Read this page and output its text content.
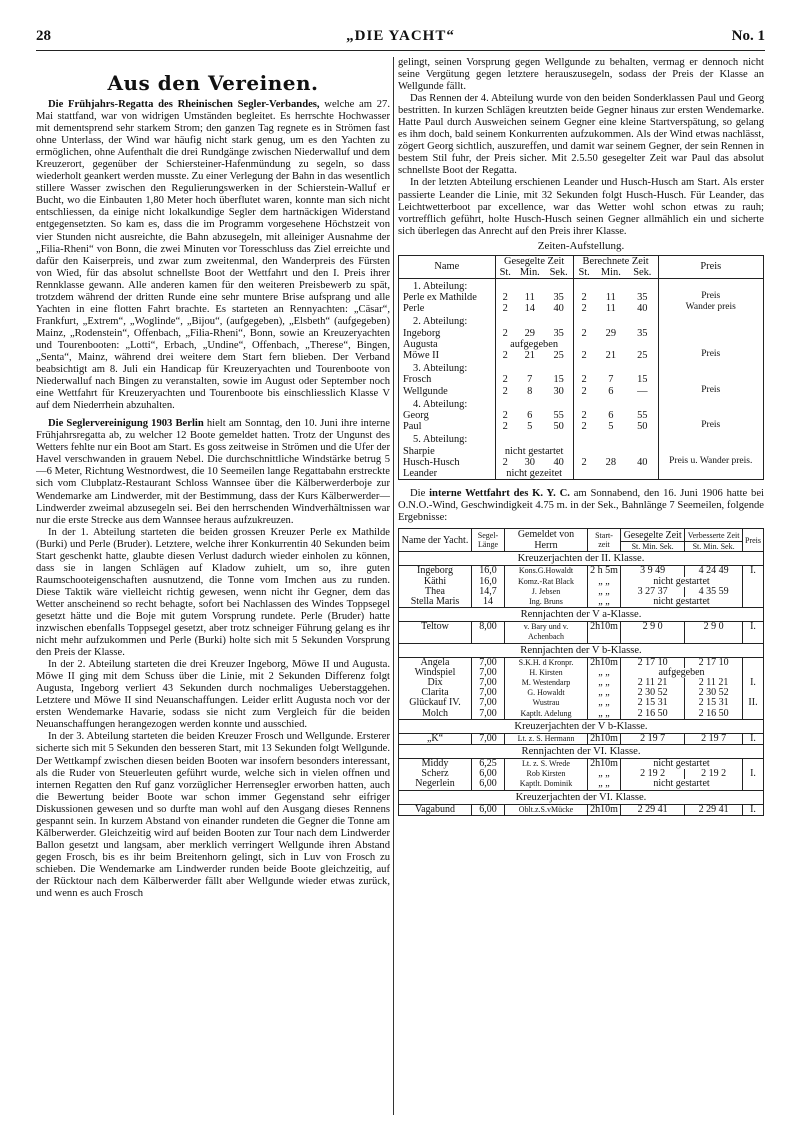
28	„DIE YACHT“	No. 1
Aus den Vereinen.

Die Frühjahrs-Regatta des Rheinischen Segler-Verbandes, welche am 27. Mai stattfand, war von widrigen Umständen begleitet. Es herrschte Hochwasser mit dementsprend sehr starkem Strom; den ganzen Tag regnete es in Strömen fast ohne Unterlass, der Wind war häufig nicht stark genug, um es den Yachten zu ermöglichen, ohne Aufenthalt die drei Rundgänge zwischen Niederwalluf und dem Kreuzerort, gegenüber der Schiersteiner-Hafenmündung zu segeln, so dass wiederholt geankert werden musste. Zu einer Verlegung der Bahn in das wesentlich stillere Wasser zwischen den Regulierungswerken in der Schierstein-Walluf er Bucht, wo die Einbauten 1,80 Meter hoch überflutet waren, konnte man sich nicht entschliessen, da einige nicht lokalkundige Segler dem hartnäckigen Widerstand entgegensetzten. So kam es, dass die im Programm vorgesehene Höchstzeit von vier Stunden nicht ausreichte, die Bahn abzusegeln, mit alleiniger Ausnahme der „Filia-Rheni“ von Bonn, die zwei Minuten vor Toresschluss das Ziel erreichte und dafür den Kaiserpreis, und zwar zum zweitenmal, den Wanderpreis des Fürsten von Wied, für das absolut schnellste Boot der Wettfahrt und den I. Preis ihrer Rennklasse gewann. Alle anderen kamen für den weiteren Preisbewerb zu spät, trotzdem während der dritten Runde eine sehr muntere Brise aufsprang und alle Yachten in eine flotten Fahrt brachte. Es starteten an Rennyachten: „Cäsar“, Frankfurt, „Extrem“, „Woglinde“, „Bijou“, (aufgegeben), „Elsbeth“ (aufgegeben) Mainz, „Rodenstein“, Offenbach, „Filia-Rheni“, Bonn, sowie an Kreuzeryachten und Tourenbooten: „Lotti“, Erbach, „Undine“, Offenbach, „Therese“, Bingen, „Senta“, Mainz, während drei weitere dem Start fern blieben. Der Verband beabsichtigt am 8. Juli ein Handicap für Kreuzeryachten und Tourenboote von Niederwalluf nach Bingen zu veranstalten, sowie im August oder September noch eine Wettfahrt für Kreuzeryachten und Tourenboote bis einschliesslich Klasse V auf dem Niederrhein abzuhalten.

Die Seglervereinigung 1903 Berlin hielt am Sonntag, den 10. Juni ihre interne Frühjahrsregatta ab, zu welcher 12 Boote gemeldet hatten. Trotz der Ungunst des Wetters fehlte nur ein Boot am Start. Es goss zeitweise in Strömen und die Ufer der Havel verschwanden in grauem Nebel. Die durchschnittliche Windstärke betrug 5—6 Meter, Richtung Westnordwest, die 10 Seemeilen lange Regattabahn erstreckte sich vom Clubplatz-Restaurant Schloss Wannsee über die Kälberwerderboje zur Wendemarke am Lindwerder, mit der Bestimmung, dass der Kurs Kälberwerder—Lindwerder zweimal abzusegeln sei. Bei den herrschenden Windverhältnissen war nur die erste Strecke aus dem Wannsee heraus aufzukreuzen.

In der 1. Abteilung starteten die beiden grossen Kreuzer Perle ex Mathilde (Burki) und Perle (Bruder). Letztere, welche ihrer Konkurrentin 40 Sekunden beim Start geschenkt hatte, glaubte diesen Verlust dadurch wieder einholen zu können, dass sie in langen Schlägen auf Kladow zuhielt, um so, ihre guten Raumschooteigenschaften ausnutzend, die Tonne vom Imchen aus zu runden. Diese Taktik wäre vielleicht richtig gewesen, wenn nicht ihr Gegner, dem das Wetter anscheinend so recht behagte, sofort bei Nachlassen des Windes Toppsegel gesetzt hätte und die Boje mit gutem Vorsprung rundete. Perle (Bruder) hatte inzwischen ebenfalls Toppsegel gesetzt, aber trotz schneiger Führung gelang es ihr nicht mehr aufzukommen und Perle (Burki) holte sich mit 5 Sekunden Vorsprung den Preis der Klasse.

In der 2. Abteilung starteten die drei Kreuzer Ingeborg, Möwe II und Augusta. Möwe II ging mit dem Schuss über die Linie, mit 2 Sekunden Differenz folgt Augusta, Ingeborg verliert 43 Sekunden durch nochmaliges Ueberstaggehen. Letztere und Möwe II sind Neuanschaffungen. Leider erlitt Augusta noch vor der ersten Wendemarke Havarie, sodass sie nicht zum Vergleich für die beiden Neuanschaffungen herangezogen werden konnte und ausschied.

In der 3. Abteilung starteten die beiden Kreuzer Frosch und Wellgunde. Ersterer sicherte sich mit 5 Sekunden den besseren Start, mit 13 Sekunden folgt Wellgunde. Der Wettkampf zwischen diesen beiden Booten war insofern besonders interessant, als die Ruder von Steuerleuten geführt wurde, welche sich in vielen offnen und internen Regatten den Ruf ganz vorzüglicher Herrensegler erworben hatten, auch die Bewertung beider Boote war schon immer Gegenstand sehr eifriger Diskussionen gewesen und so durfte man wohl auf den Ausgang dieses Rennens gespannt sein. In kurzem Abstand von einander rundeten die Gegner die Tonne am Kälberwerder. Gleichzeitig wird auf beiden Booten zur Tour nach dem Lindwerder Ballon gesetzt und langsam, aber merklich verringert Wellgunde ihren Abstand gegen Frosch, bis es ihr beim Breitenhorn gelingt, sich in Luv von Frosch zu schieben. Die Wendemarke am Lindwerder runden beide Boote gleichzeitig, auf der Rücktour nach dem Kälberwerder fällt aber Wellgunde wieder etwas zurück, und wenn es auch Frosch

gelingt, seinen Vorsprung gegen Wellgunde zu behalten, vermag er dennoch nicht seine Vergütung gegen letztere herauszusegeln, sodass der Preis der Klasse an Wellgunde fällt.

Das Rennen der 4. Abteilung wurde von den beiden Sonderklassen Paul und Georg bestritten. In kurzen Schlägen kreutzten beide Gegner hinaus zur ersten Wendemarke. Hatte Paul durch Ausweichen seinem Gegner eine kleine Startverspätung, so gelang es ihm doch, bald seinem Konkurrenten aufzukommen. Als der Wind etwas nachlässt, zögert Georg sichtlich, auszureffen, und damit war seinem Gegner, der sein Rennen in bestem Stil fuhr, der Preis sicher. Mit 2.5.50 gesegelter Zeit war Paul das absolut schnellste Boot der Regatta.

In der letzten Abteilung erschienen Leander und Husch-Husch am Start. Als erster passierte Leander die Linie, mit 32 Sekunden folgt Husch-Husch. Für Leander, das Leichtwetterboot par excellence, war das Wetter wohl schon etwas zu rauh; vortrefflich geführt, holte Husch-Husch seinen Gegner allmählich ein und sicherte sich überlegen das Anrecht auf den Preis ihrer Klasse.

Zeiten-Aufstellung.
Name	Gesegelte Zeit			Berechnete Zeit			Preis
	St.	Min.	Sek.	St.	Min.	Sek.	
1. Abteilung:							
Perle ex Mathilde	2	11	35	2	11	35	Preis
Perle	2	14	40	2	11	40	Wander preis
2. Abteilung:							
Ingeborg	2	29	35	2	29	35	
Augusta	aufgegeben						
Möwe II	2	21	25	2	21	25	Preis
3. Abteilung:							
Frosch	2	7	15	2	7	15	
Wellgunde	2	8	30	2	6	—	Preis
4. Abteilung:							
Georg	2	6	55	2	6	55	
Paul	2	5	50	2	5	50	Preis
5. Abteilung:							
Sharpie	nicht gestartet						
Husch-Husch	2	30	40	2	28	40	Preis u. Wander preis.
Leander	nicht gezeitet						

Die interne Wettfahrt des K. Y. C. am Sonnabend, den 16. Juni 1906 hatte bei O.N.O.-Wind, Geschwindigkeit 4.75 m. in der Sek., Bahnlänge 7 Seemeilen, folgende Ergebnisse:

Name der Yacht.	Segel-Länge	Gemeldet von Herrn	Start-zeit	Gesegelte Zeit	Verbesserte Zeit	Preis
				St. Min. Sek.	St. Min. Sek.	
Kreuzerjachten der II. Klasse.						
Ingeborg	16,0	Kons.G.Howaldt	2 h 5m	3 9 49	4 24 49	I.
Käthi	16,0	Komz.-Rat Black	„ „	nicht gestartet		
Thea	14,7	J. Jebsen	„ „	3 27 37	4 35 59	
Stella Maris	14	Ing. Bruns	„ „	nicht gestartet		
Rennjachten der V a-Klasse.						
Teltow	8,00	v. Bary und v. Achenbach	2h10m	2 9 0	2 9 0	I.
Rennjachten der V b-Klasse.						
Angela	7,00	S.K.H. d Kronpr.	2h10m	2 17 10	2 17 10	
Windspiel	7,00	H. Kirsten	„ „	aufgegeben		
Dix	7,00	M. Westendarp	„ „	2 11 21	2 11 21	I.
Clarita	7,00	G. Howaldt	„ „	2 30 52	2 30 52	
Glückauf IV.	7,00	Wustrau	„ „	2 15 31	2 15 31	II.
Molch	7,00	Kaptlt. Adelung	„ „	2 16 50	2 16 50	
Kreuzerjachten der V b-Klasse.						
„K“	7,00	Lt. z. S. Hermann	2h10m	2 19 7	2 19 7	I.
Rennjachten der VI. Klasse.						
Middy	6,25	Lt. z. S. Wrede	2h10m	nicht gestartet		
Scherz	6,00	Rob Kirsten	„ „	2 19 2	2 19 2	I.
Negerlein	6,00	Kaptlt. Dominik	„ „	nicht gestartet		
Kreuzerjachten der VI. Klasse.						
Vagabund	6,00	Oblt.z.S.vMücke	2h10m	2 29 41	2 29 41	I.
